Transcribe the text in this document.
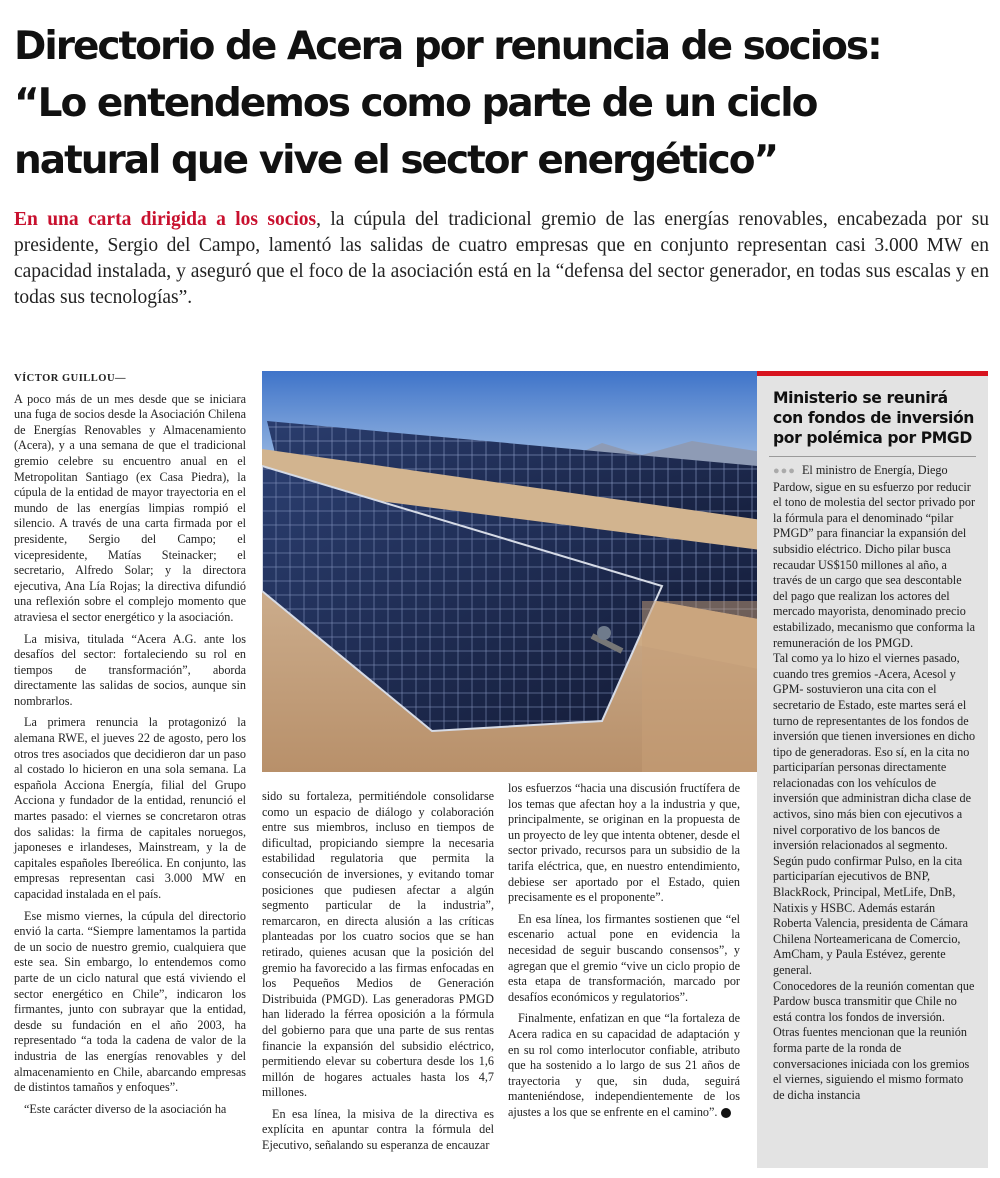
Directorio de Acera por renuncia de socios:
“Lo entendemos como parte de un ciclo
natural que vive el sector energético”

En una carta dirigida a los socios, la cúpula del tradicional gremio de las energías renovables, encabezada por su presidente, Sergio del Campo, lamentó las salidas de cuatro empresas que en conjunto representan casi 3.000 MW en capacidad instalada, y aseguró que el foco de la asociación está en la “defensa del sector generador, en todas sus escalas y en todas sus tecnologías”.

VÍCTOR GUILLOU—

A poco más de un mes desde que se iniciara una fuga de socios desde la Asociación Chilena de Energías Renovables y Almacenamiento (Acera), y a una semana de que el tradicional gremio celebre su encuentro anual en el Metropolitan Santiago (ex Casa Piedra), la cúpula de la entidad de mayor trayectoria en el mundo de las energías limpias rompió el silencio. A través de una carta firmada por el presidente, Sergio del Campo; el vicepresidente, Matías Steinacker; el secretario, Alfredo Solar; y la directora ejecutiva, Ana Lía Rojas; la directiva difundió una reflexión sobre el complejo momento que atraviesa el sector energético y la asociación.

La misiva, titulada “Acera A.G. ante los desafíos del sector: fortaleciendo su rol en tiempos de transformación”, aborda directamente las salidas de socios, aunque sin nombrarlos.

La primera renuncia la protagonizó la alemana RWE, el jueves 22 de agosto, pero los otros tres asociados que decidieron dar un paso al costado lo hicieron en una sola semana. La española Acciona Energía, filial del Grupo Acciona y fundador de la entidad, renunció el martes pasado: el viernes se concretaron otras dos salidas: la firma de capitales noruegos, japoneses e irlandeses, Mainstream, y la de capitales españoles Ibereólica. En conjunto, las empresas representan casi 3.000 MW en capacidad instalada en el país.

Ese mismo viernes, la cúpula del directorio envió la carta. “Siempre lamentamos la partida de un socio de nuestro gremio, cualquiera que este sea. Sin embargo, lo entendemos como parte de un ciclo natural que está viviendo el sector energético en Chile”, indicaron los firmantes, junto con subrayar que la entidad, desde su fundación en el año 2003, ha representado “a toda la cadena de valor de la industria de las energías renovables y del almacenamiento en Chile, abarcando empresas de distintos tamaños y enfoques”.

“Este carácter diverso de la asociación ha

sido su fortaleza, permitiéndole consolidarse como un espacio de diálogo y colaboración entre sus miembros, incluso en tiempos de dificultad, propiciando siempre la necesaria estabilidad regulatoria que permita la consecución de inversiones, y evitando tomar posiciones que pudiesen afectar a algún segmento particular de la industria”, remarcaron, en directa alusión a las críticas planteadas por los cuatro socios que se han retirado, quienes acusan que la posición del gremio ha favorecido a las firmas enfocadas en los Pequeños Medios de Generación Distribuida (PMGD). Las generadoras PMGD han liderado la férrea oposición a la fórmula del gobierno para que una parte de sus rentas financie la expansión del subsidio eléctrico, permitiendo elevar su cobertura desde los 1,6 millón de hogares actuales hasta los 4,7 millones.

En esa línea, la misiva de la directiva es explícita en apuntar contra la fórmula del Ejecutivo, señalando su esperanza de encauzar

los esfuerzos “hacia una discusión fructífera de los temas que afectan hoy a la industria y que, principalmente, se originan en la propuesta de un proyecto de ley que intenta obtener, desde el sector privado, recursos para un subsidio de la tarifa eléctrica, que, en nuestro entendimiento, debiese ser aportado por el Estado, quien precisamente es el proponente”.

En esa línea, los firmantes sostienen que “el escenario actual pone en evidencia la necesidad de seguir buscando consensos”, y agregan que el gremio “vive un ciclo propio de esta etapa de transformación, marcado por desafíos económicos y regulatorios”.

Finalmente, enfatizan en que “la fortaleza de Acera radica en su capacidad de adaptación y en su rol como interlocutor confiable, atributo que ha sostenido a lo largo de sus 21 años de trayectoria y que, sin duda, seguirá manteniéndose, independientemente de los ajustes a los que se enfrente en el camino”. P

Ministerio se reunirá con fondos de inversión por polémica por PMGD

●●● El ministro de Energía, Diego Pardow, sigue en su esfuerzo por reducir el tono de molestia del sector privado por la fórmula para el denominado “pilar PMGD” para financiar la expansión del subsidio eléctrico. Dicho pilar busca recaudar US$150 millones al año, a través de un cargo que sea descontable del pago que realizan los actores del mercado mayorista, denominado precio estabilizado, mecanismo que conforma la remuneración de los PMGD.

Tal como ya lo hizo el viernes pasado, cuando tres gremios -Acera, Acesol y GPM- sostuvieron una cita con el secretario de Estado, este martes será el turno de representantes de los fondos de inversión que tienen inversiones en dicho tipo de generadoras. Eso sí, en la cita no participarían personas directamente relacionadas con los vehículos de inversión que administran dicha clase de activos, sino más bien con ejecutivos a nivel corporativo de los bancos de inversión relacionados al segmento.

Según pudo confirmar Pulso, en la cita participarían ejecutivos de BNP, BlackRock, Principal, MetLife, DnB, Natixis y HSBC. Además estarán Roberta Valencia, presidenta de Cámara Chilena Norteamericana de Comercio, AmCham, y Paula Estévez, gerente general.

Conocedores de la reunión comentan que Pardow busca transmitir que Chile no está contra los fondos de inversión.

Otras fuentes mencionan que la reunión forma parte de la ronda de conversaciones iniciada con los gremios el viernes, siguiendo el mismo formato de dicha instancia
